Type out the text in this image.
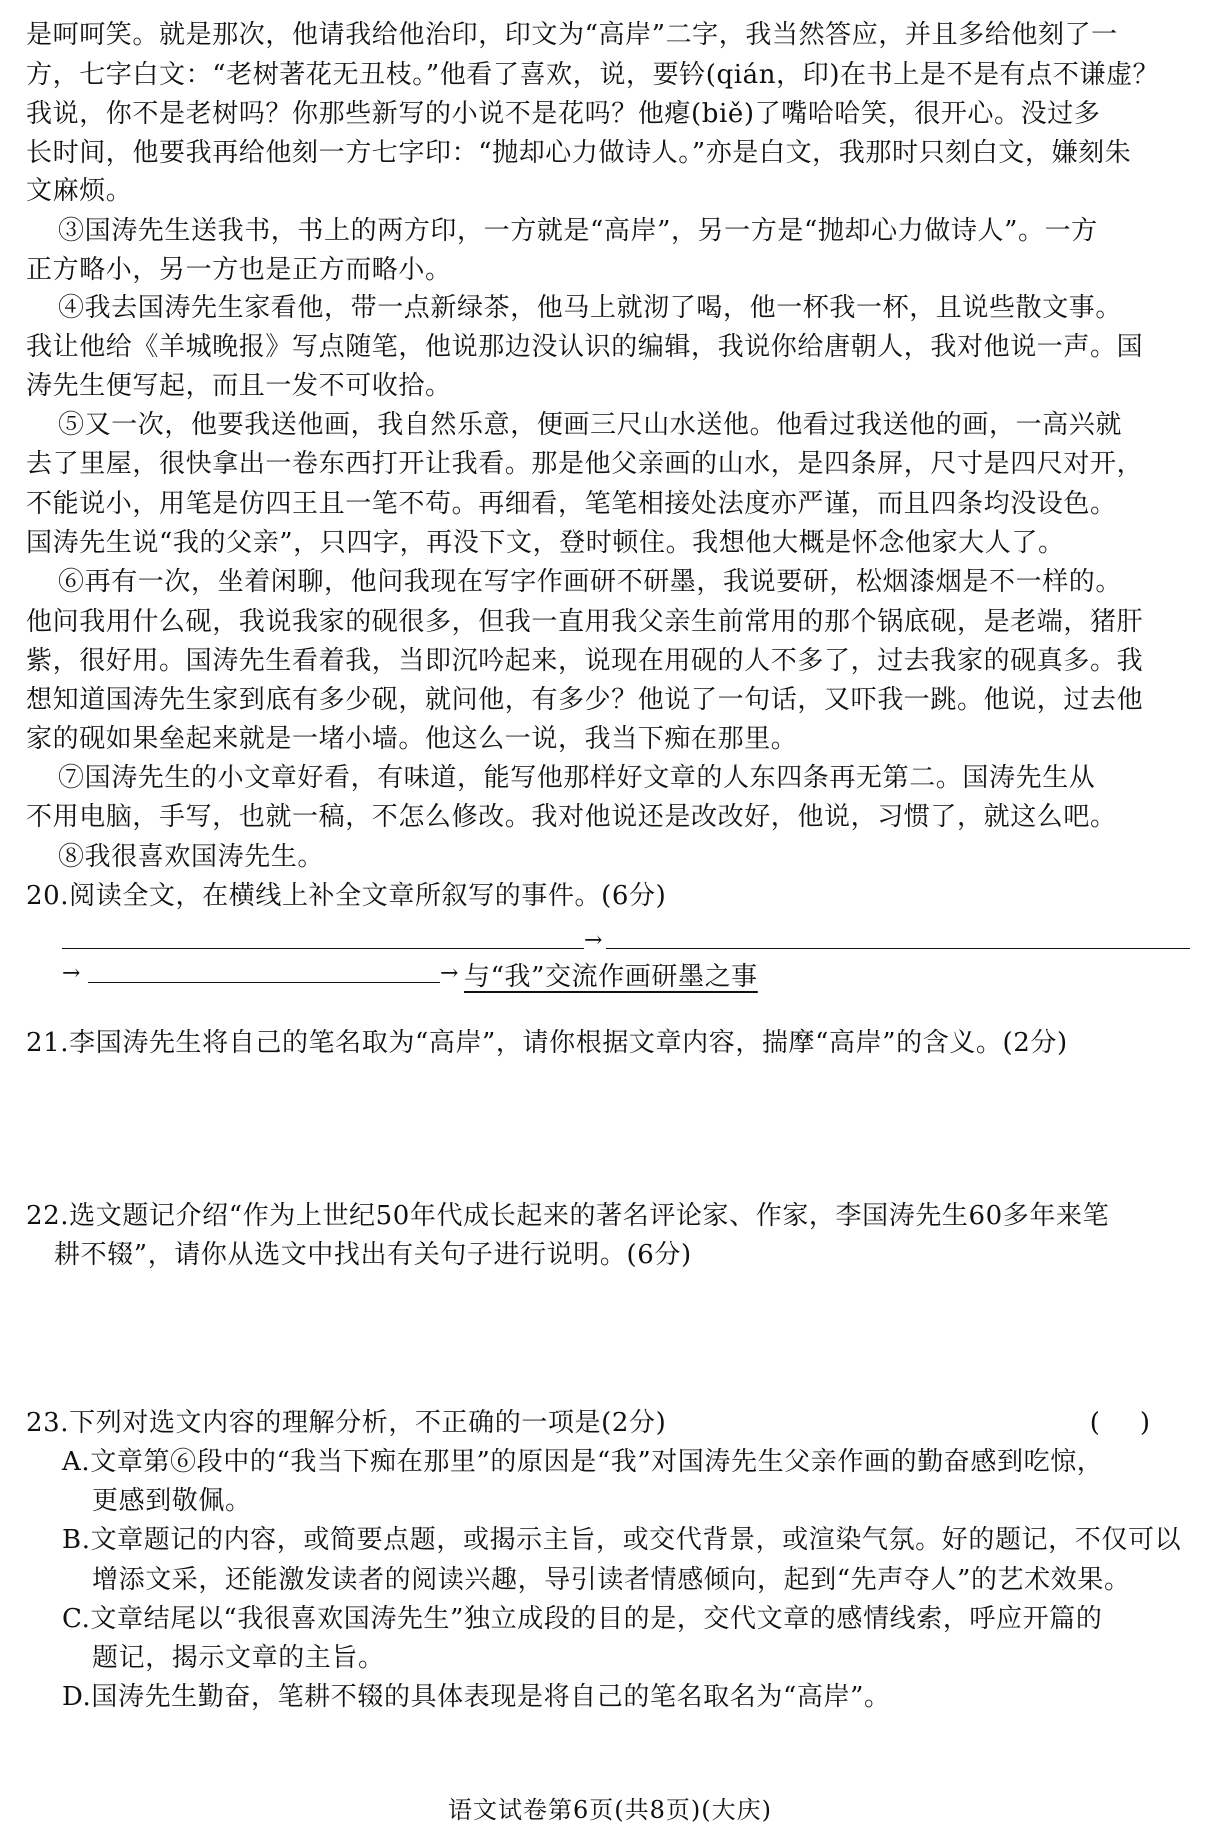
是呵呵笑。就是那次，他请我给他治印，印文为“高岸”二字，我当然答应，并且多给他刻了一
方，七字白文：“老树著花无丑枝。”他看了喜欢，说，要钤(qián，印)在书上是不是有点不谦虚？
我说，你不是老树吗？你那些新写的小说不是花吗？他瘪(biě)了嘴哈哈笑，很开心。没过多
长时间，他要我再给他刻一方七字印：“抛却心力做诗人。”亦是白文，我那时只刻白文，嫌刻朱
文麻烦。
③国涛先生送我书，书上的两方印，一方就是“高岸”，另一方是“抛却心力做诗人”。一方
正方略小，另一方也是正方而略小。
④我去国涛先生家看他，带一点新绿茶，他马上就沏了喝，他一杯我一杯，且说些散文事。
我让他给《羊城晚报》写点随笔，他说那边没认识的编辑，我说你给唐朝人，我对他说一声。国
涛先生便写起，而且一发不可收拾。
⑤又一次，他要我送他画，我自然乐意，便画三尺山水送他。他看过我送他的画，一高兴就
去了里屋，很快拿出一卷东西打开让我看。那是他父亲画的山水，是四条屏，尺寸是四尺对开，
不能说小，用笔是仿四王且一笔不苟。再细看，笔笔相接处法度亦严谨，而且四条均没设色。
国涛先生说“我的父亲”，只四字，再没下文，登时顿住。我想他大概是怀念他家大人了。
⑥再有一次，坐着闲聊，他问我现在写字作画研不研墨，我说要研，松烟漆烟是不一样的。
他问我用什么砚，我说我家的砚很多，但我一直用我父亲生前常用的那个锅底砚，是老端，猪肝
紫，很好用。国涛先生看着我，当即沉吟起来，说现在用砚的人不多了，过去我家的砚真多。我
想知道国涛先生家到底有多少砚，就问他，有多少？他说了一句话，又吓我一跳。他说，过去他
家的砚如果垒起来就是一堵小墙。他这么一说，我当下痴在那里。
⑦国涛先生的小文章好看，有味道，能写他那样好文章的人东四条再无第二。国涛先生从
不用电脑，手写，也就一稿，不怎么修改。我对他说还是改改好，他说，习惯了，就这么吧。
⑧我很喜欢国涛先生。
20.阅读全文，在横线上补全文章所叙写的事件。(6分)
→
→	→ 与“我”交流作画研墨之事
21.李国涛先生将自己的笔名取为“高岸”，请你根据文章内容，揣摩“高岸”的含义。(2分)
22.选文题记介绍“作为上世纪50年代成长起来的著名评论家、作家，李国涛先生60多年来笔
耕不辍”，请你从选文中找出有关句子进行说明。(6分)
23.下列对选文内容的理解分析，不正确的一项是(2分)	()
A.文章第⑥段中的“我当下痴在那里”的原因是“我”对国涛先生父亲作画的勤奋感到吃惊，
更感到敬佩。
B.文章题记的内容，或简要点题，或揭示主旨，或交代背景，或渲染气氛。好的题记，不仅可以
增添文采，还能激发读者的阅读兴趣，导引读者情感倾向，起到“先声夺人”的艺术效果。
C.文章结尾以“我很喜欢国涛先生”独立成段的目的是，交代文章的感情线索，呼应开篇的
题记，揭示文章的主旨。
D.国涛先生勤奋，笔耕不辍的具体表现是将自己的笔名取名为“高岸”。
语文试卷第6页(共8页)(大庆)
